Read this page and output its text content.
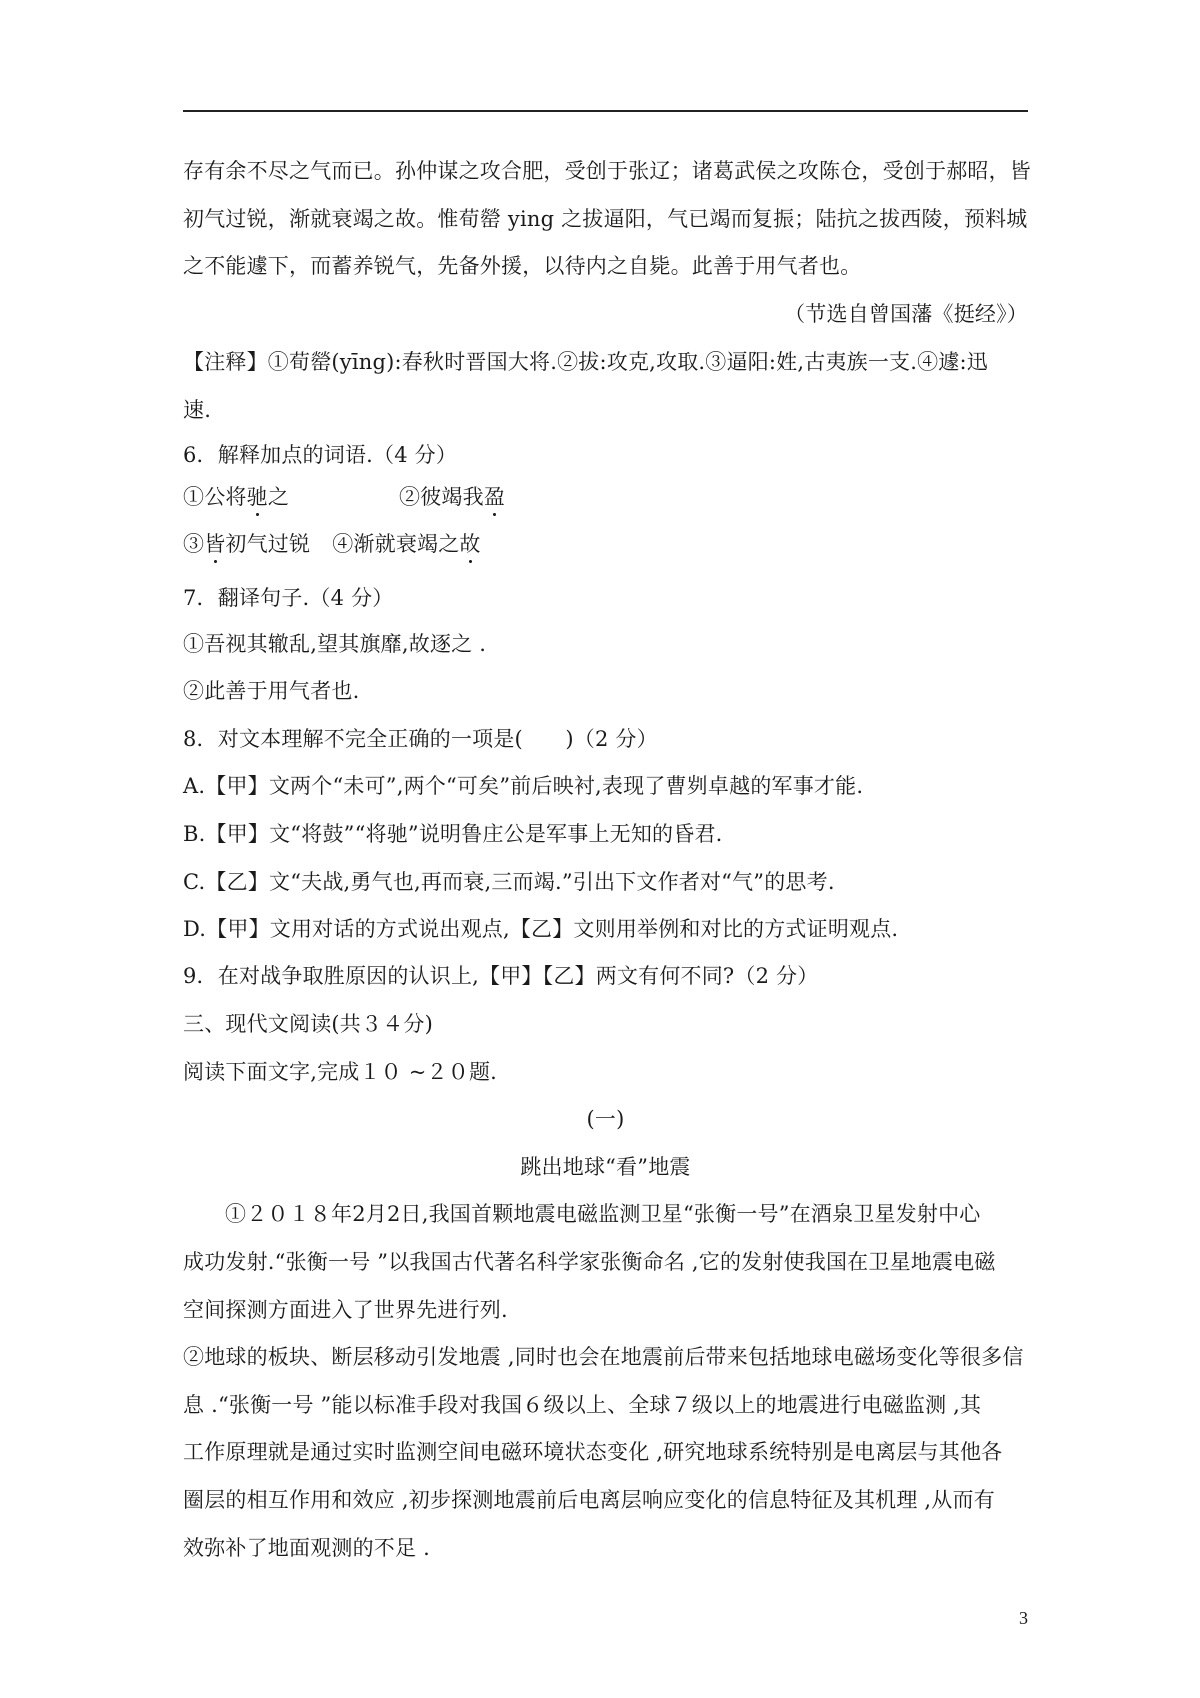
存有余不尽之气而已。孙仲谋之攻合肥，受创于张辽；诸葛武侯之攻陈仓，受创于郝昭，皆
初气过锐，渐就衰竭之故。惟荀罃 ying 之拔逼阳，气已竭而复振；陆抗之拔西陵，预料城
之不能遽下，而蓄养锐气，先备外援，以待内之自毙。此善于用气者也。
（节选自曾国藩《挺经》）
【注释】①荀罃(yīng):春秋时晋国大将.②拔:攻克,攻取.③逼阳:姓,古夷族一支.④遽:迅
速.
6．解释加点的词语.（4 分）
①公将驰之	②彼竭我盈
③皆初气过锐 ④渐就衰竭之故
7．翻译句子.（4 分）
①吾视其辙乱,望其旗靡,故逐之 .
②此善于用气者也.
8．对文本理解不完全正确的一项是(　　)（2 分）
A.【甲】文两个“未可”,两个“可矣”前后映衬,表现了曹刿卓越的军事才能.
B.【甲】文“将鼓”“将驰”说明鲁庄公是军事上无知的昏君.
C.【乙】文“夫战,勇气也,再而衰,三而竭.”引出下文作者对“气”的思考.
D.【甲】文用对话的方式说出观点,【乙】文则用举例和对比的方式证明观点.
9．在对战争取胜原因的认识上,【甲】【乙】两文有何不同?（2 分）
三、现代文阅读(共３４分)
阅读下面文字,完成１０ ~２０题.
(一)
跳出地球“看”地震
①２０１８年2月2日,我国首颗地震电磁监测卫星“张衡一号”在酒泉卫星发射中心
成功发射.“张衡一号 ”以我国古代著名科学家张衡命名 ,它的发射使我国在卫星地震电磁
空间探测方面进入了世界先进行列.
②地球的板块、断层移动引发地震 ,同时也会在地震前后带来包括地球电磁场变化等很多信
息 .“张衡一号 ”能以标准手段对我国６级以上、全球７级以上的地震进行电磁监测 ,其
工作原理就是通过实时监测空间电磁环境状态变化 ,研究地球系统特别是电离层与其他各
圈层的相互作用和效应 ,初步探测地震前后电离层响应变化的信息特征及其机理 ,从而有
效弥补了地面观测的不足 .
3
